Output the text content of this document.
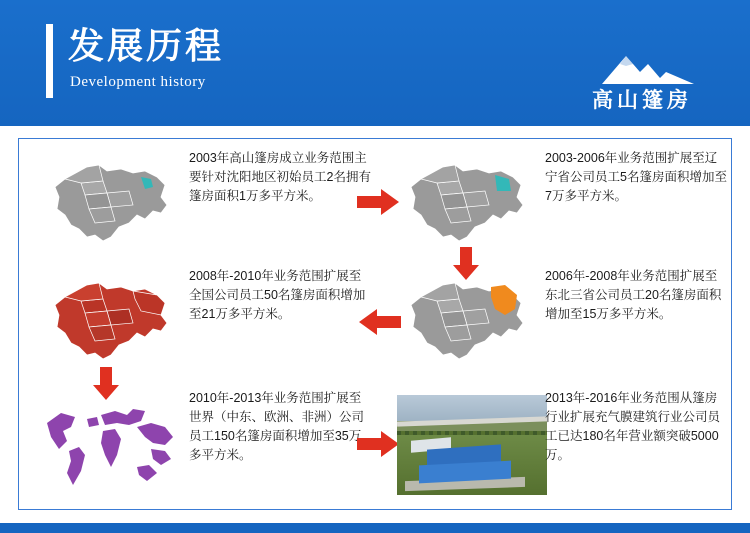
发展历程
Development history
高山篷房
2003年高山篷房成立业务范围主要针对沈阳地区初始员工2名拥有篷房面积1万多平方米。
2003-2006年业务范围扩展至辽宁省公司员工5名篷房面积增加至7万多平方米。
2006年-2008年业务范围扩展至东北三省公司员工20名篷房面积增加至15万多平方米。
2008年-2010年业务范围扩展至全国公司员工50名篷房面积增加至21万多平方米。
2010年-2013年业务范围扩展至世界（中东、欧洲、非洲）公司员工150名篷房面积增加至35万多平方米。
2013年-2016年业务范围从篷房行业扩展充气膜建筑行业公司员工已达180名年营业额突破5000万。
